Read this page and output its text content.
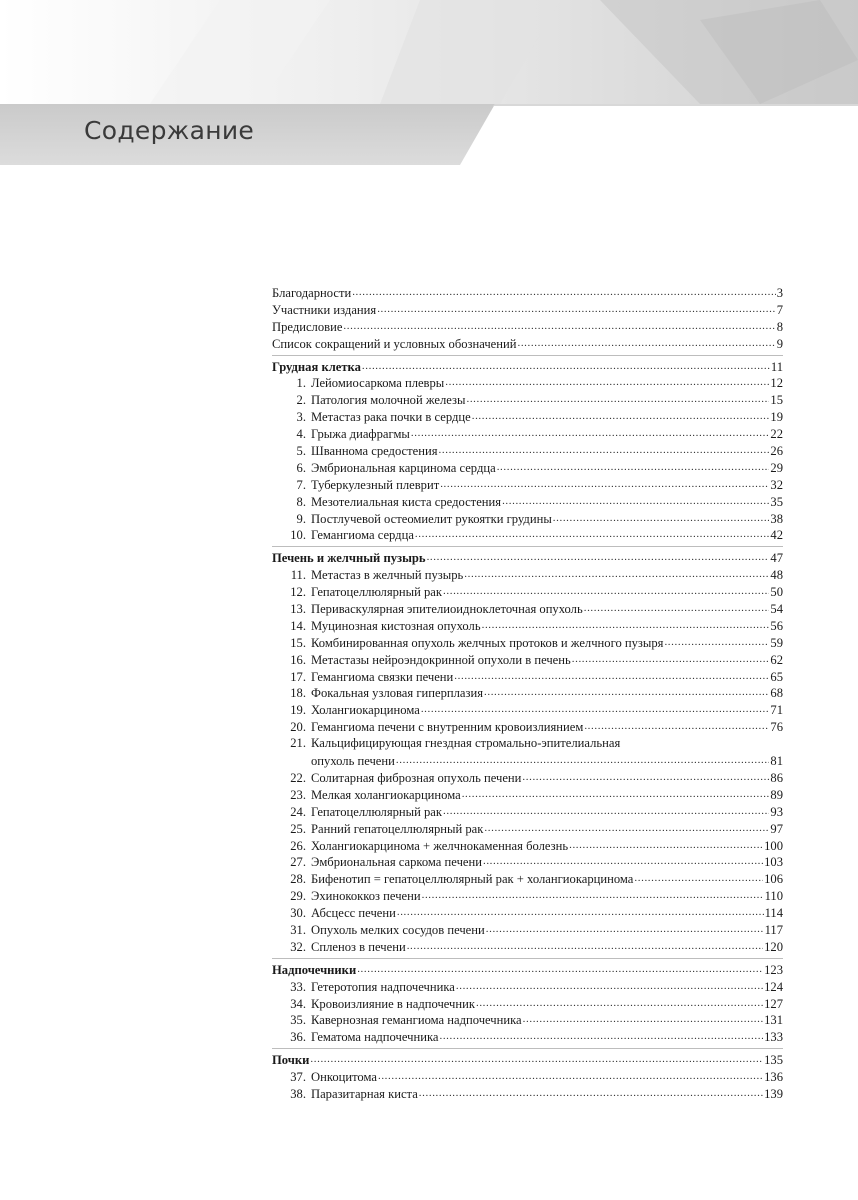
Содержание
Благодарности .....	3
Участники издания .....	7
Предисловие .....	8
Список сокращений и условных обозначений .....	9
Грудная клетка .....	11
1. Лейомиосаркома плевры .....	12
2. Патология молочной железы .....	15
3. Метастаз рака почки в сердце .....	19
4. Грыжа диафрагмы .....	22
5. Шваннома средостения .....	26
6. Эмбриональная карцинома сердца .....	29
7. Туберкулезный плеврит .....	32
8. Мезотелиальная киста средостения .....	35
9. Постлучевой остеомиелит рукоятки грудины .....	38
10. Гемангиома сердца .....	42
Печень и желчный пузырь .....	47
11. Метастаз в желчный пузырь .....	48
12. Гепатоцеллюлярный рак .....	50
13. Периваскулярная эпителиоидноклеточная опухоль .....	54
14. Муцинозная кистозная опухоль .....	56
15. Комбинированная опухоль желчных протоков и желчного пузыря .....	59
16. Метастазы нейроэндокринной опухоли в печень .....	62
17. Гемангиома связки печени .....	65
18. Фокальная узловая гиперплазия .....	68
19. Холангиокарцинома .....	71
20. Гемангиома печени с внутренним кровоизлиянием .....	76
21. Кальцифицирующая гнездная стромально-эпителиальная
опухоль печени .....	81
22. Солитарная фиброзная опухоль печени .....	86
23. Мелкая холангиокарцинома .....	89
24. Гепатоцеллюлярный рак .....	93
25. Ранний гепатоцеллюлярный рак .....	97
26. Холангиокарцинома + желчнокаменная болезнь .....	100
27. Эмбриональная саркома печени .....	103
28. Бифенотип = гепатоцеллюлярный рак + холангиокарцинома .....	106
29. Эхинококкоз печени .....	110
30. Абсцесс печени .....	114
31. Опухоль мелких сосудов печени .....	117
32. Спленоз в печени .....	120
Надпочечники .....	123
33. Гетеротопия надпочечника .....	124
34. Кровоизлияние в надпочечник .....	127
35. Кавернозная гемангиома надпочечника .....	131
36. Гематома надпочечника .....	133
Почки .....	135
37. Онкоцитома .....	136
38. Паразитарная киста .....	139
